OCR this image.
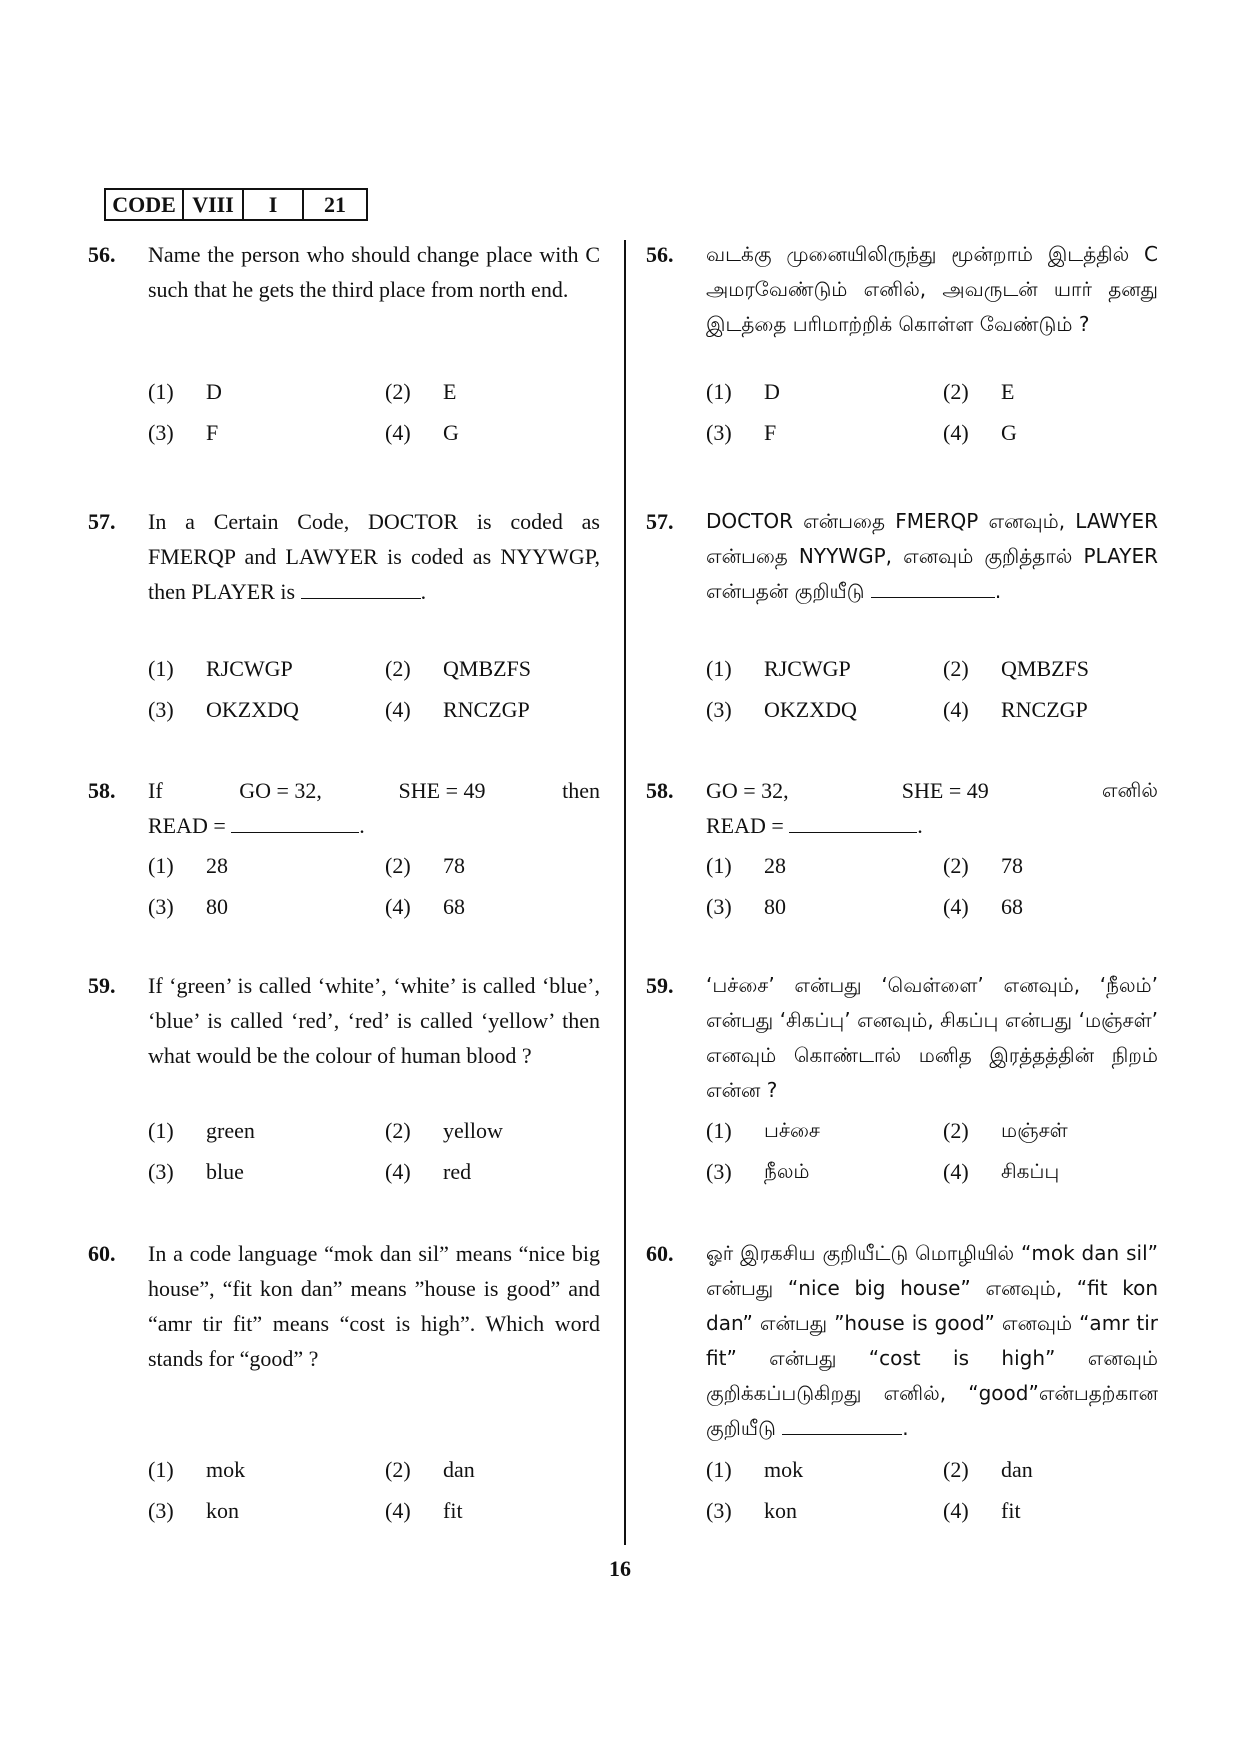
CODE VIII	I	21
56. Name the person who should change place with C such that he gets the third place from north end.

(1) D	(2) E
(3) F	(4) G
57. In a Certain Code, DOCTOR is coded as FMERQP and LAWYER is coded as NYYWGP, then PLAYER is	.
(1) RJCWGP	(2) QMBZFS
(3) OKZXDQ	(4) RNCZGP
58. If	GO = 32,	SHE = 49	then
READ =	.
(1) 28	(2) 78
(3) 80	(4) 68
59. If ‘green’ is called ‘white’, ‘white’ is called ‘blue’, ‘blue’ is called ‘red’, ‘red’ is called ‘yellow’ then what would be the colour of human blood ?

(1) green	(2) yellow
(3) blue	(4) red
60. In a code language “mok dan sil” means “nice big house”, “fit kon dan” means ”house is good” and “amr tir fit” means “cost is high”. Which word stands for “good” ?

(1) mok	(2) dan
(3) kon	(4) fit
56. வடக்கு முனையிலிருந்து மூன்றாம் இடத்தில் C அமரவேண்டும் எனில், அவருடன் யார் தனது இடத்தை பரிமாற்றிக் கொள்ள வேண்டும் ?

(1) D	(2) E
(3) F	(4) G
57. DOCTOR என்பதை FMERQP எனவும், LAWYER என்பதை NYYWGP, எனவும் குறித்தால் PLAYER என்பதன் குறியீடு	.
(1) RJCWGP	(2) QMBZFS
(3) OKZXDQ	(4) RNCZGP
58. GO = 32,	SHE = 49	எனில்
READ =	.
(1) 28	(2) 78
(3) 80	(4) 68
59. ‘பச்சை’ என்பது ‘வெள்ளை’ எனவும், ‘நீலம்’ என்பது ‘சிகப்பு’ எனவும், சிகப்பு என்பது ‘மஞ்சள்’ எனவும் கொண்டால் மனித இரத்தத்தின் நிறம் என்ன ?

(1) பச்சை	(2) மஞ்சள்
(3) நீலம்	(4) சிகப்பு
60. ஓர் இரகசிய குறியீட்டு மொழியில் “mok dan sil” என்பது “nice big house” எனவும், “fit kon dan” என்பது ”house is good” எனவும் “amr tir fit” என்பது “cost is high” எனவும் குறிக்கப்படுகிறது எனில், “good”என்பதற்கான குறியீடு	.
(1) mok	(2) dan
(3) kon	(4) fit
16
